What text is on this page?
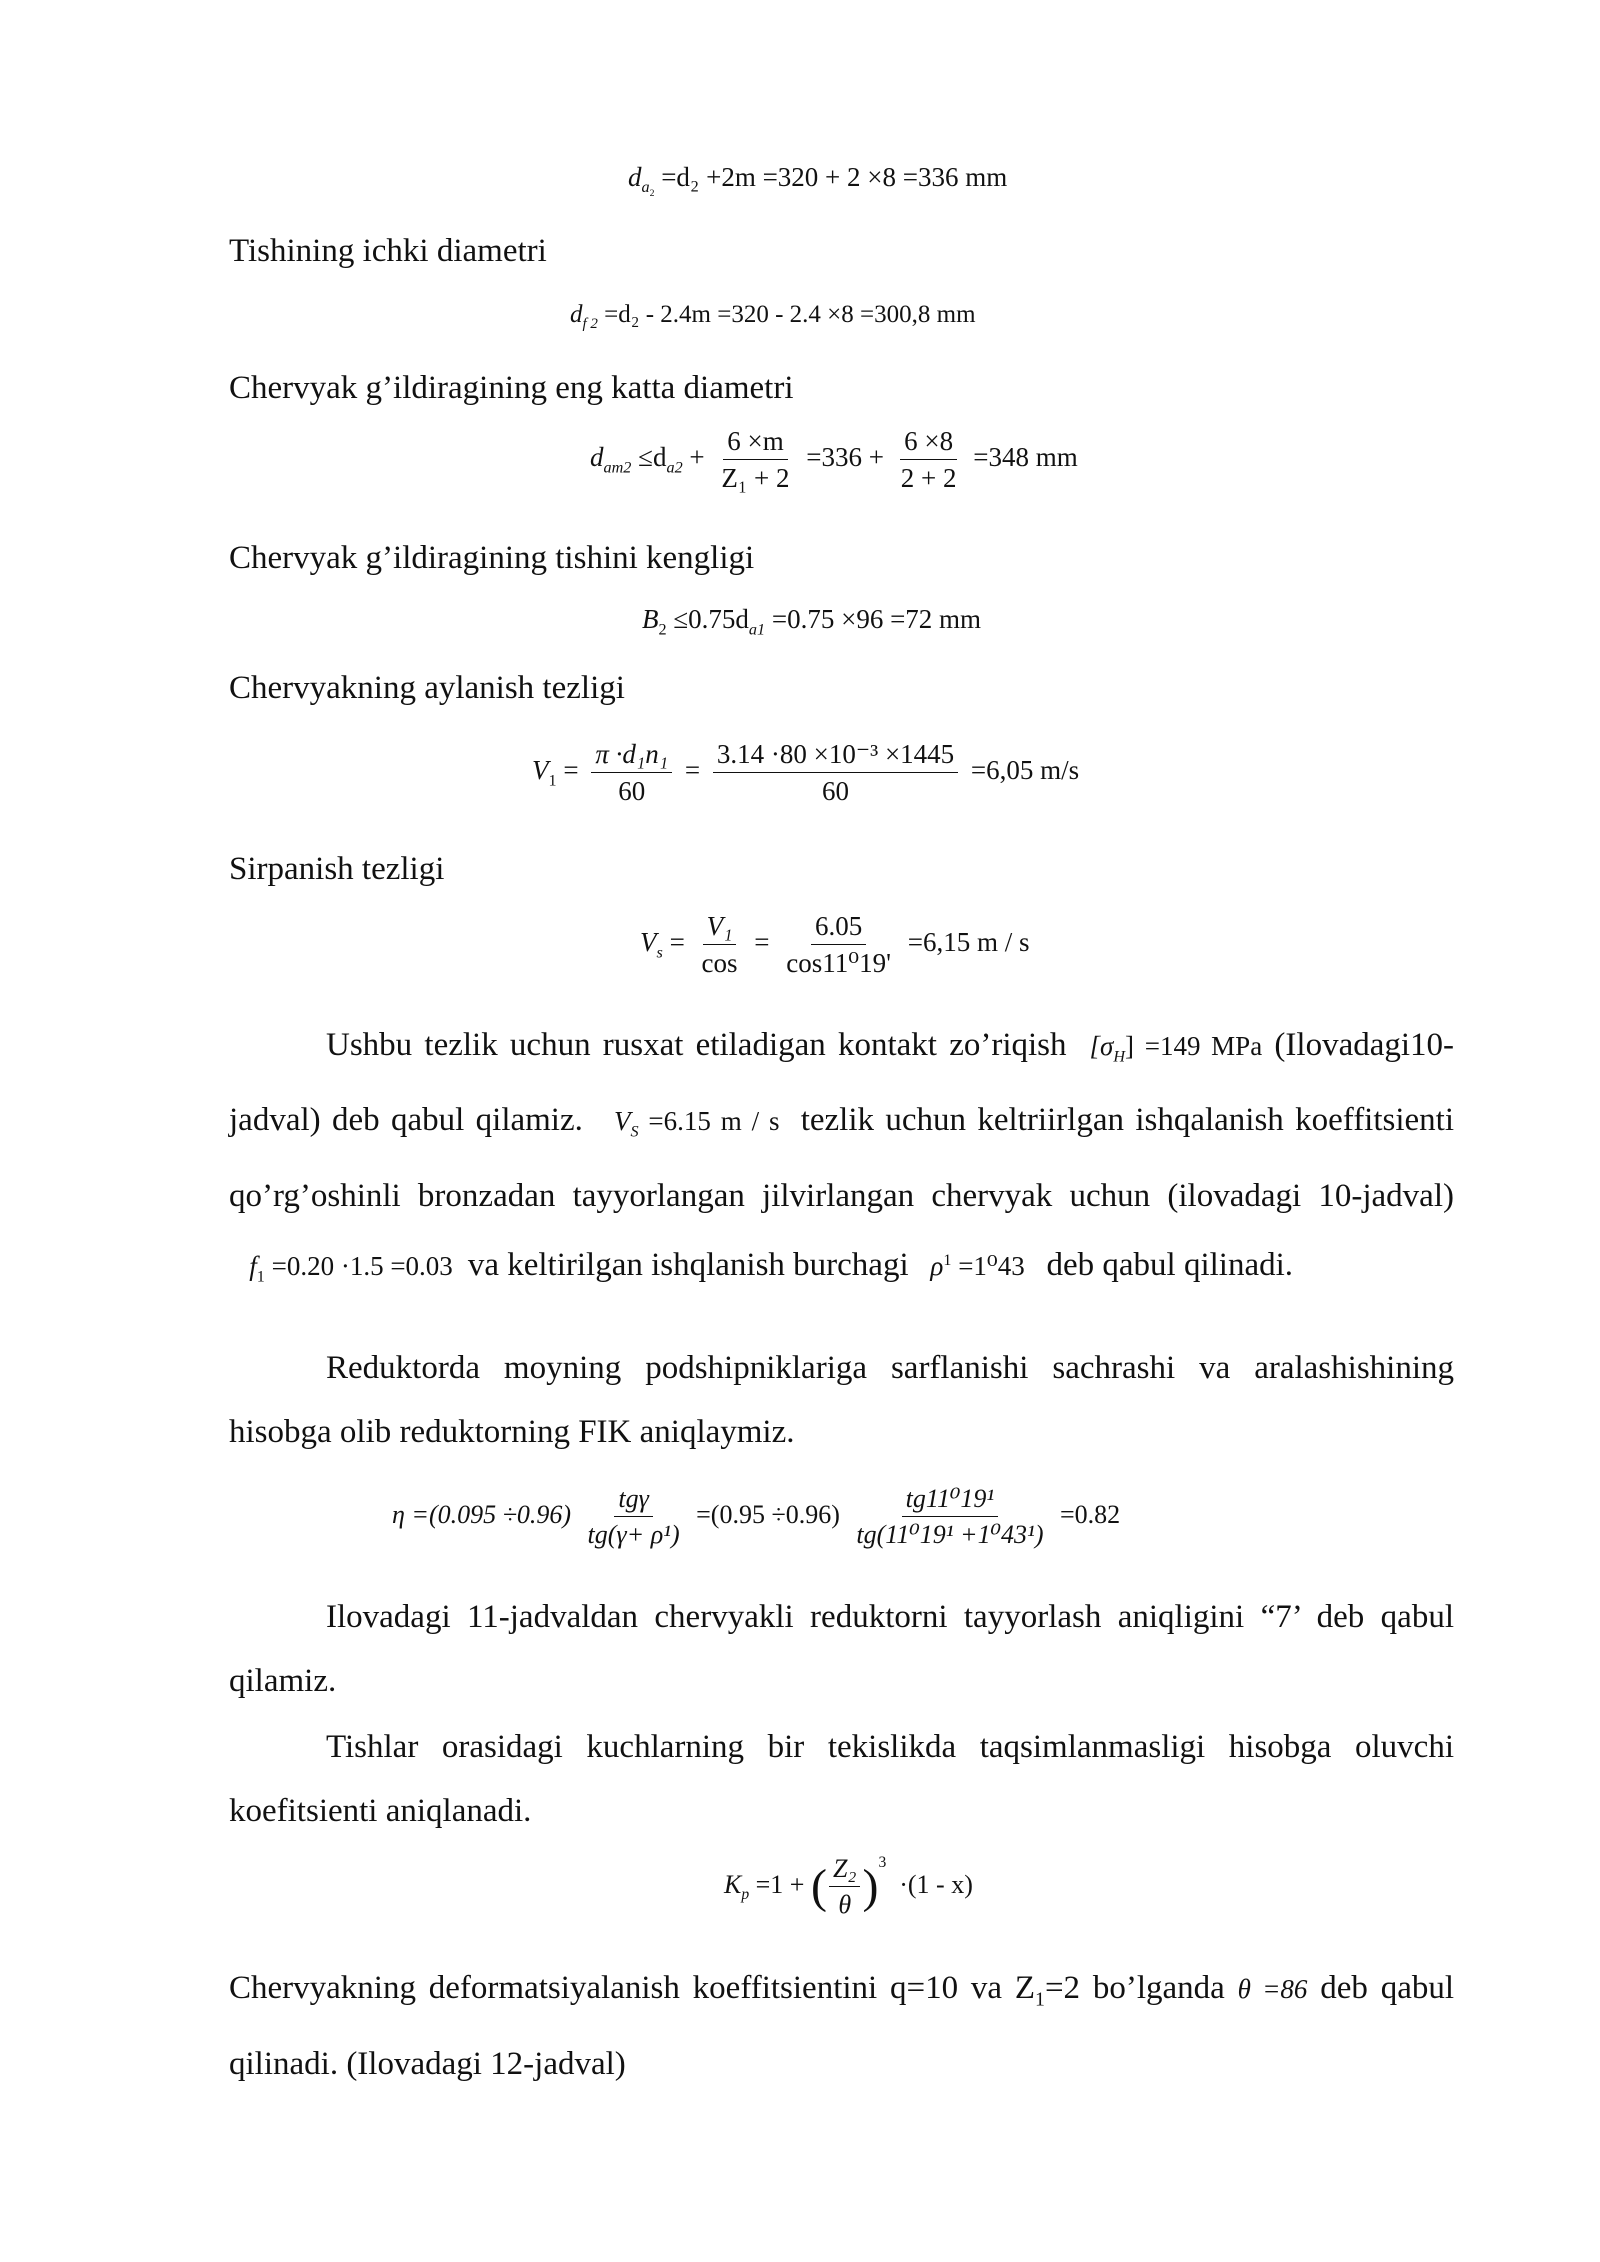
$d_{a_2} =d_2 +2m =320 + 2 \times 8 =336$ mm

Tishining ichki diametri

$d_{f 2} =d_2 - 2.4m =320 - 2.4 \times 8 =300,8$ mm

Chervyak g’ildiragining eng katta diametri

$d_{am2} \le d_{a2} + \frac{6 \times m}{\text{Z₁ + 2}} =336 + \frac{6 \times 8}{2 + 2} =348$ mm

Chervyak g’ildiragining tishini kengligi

$B_2 \le 0.75d_{a1} =0.75 \times 96 =72$ mm

Chervyakning aylanish tezligi

$V_1 = \frac{\text{π ·d₁n₁}}{60} = \frac{\text{3.14 ·80 ×10⁻³ ×1445}}{60} =6,05$ m/s

Sirpanish tezligi

$V_s = \frac{\text{V₁}}{\cos} = \frac{6.05}{\text{cos11⁰19'}} =6,15$ m / s

Ushbu tezlik uchun rusxat etiladigan kontakt zo’riqish $[\sigma_H] =149$ MPa (Ilovadagi10-jadval) deb qabul qilamiz. $V_S =6.15$ m / s tezlik uchun keltriirlgan ishqalanish koeffitsienti qo’rg’oshinli bronzadan tayyorlangan jilvirlangan chervyak uchun (ilovadagi 10-jadval)    $f_1 =0.20 \cdot 1.5 =0.03$ va keltirilgan ishqlanish burchagi $\rho^1 =1^043$ deb qabul qilinadi.

Reduktorda moyning podshipniklariga sarflanishi sachrashi va aralashishining hisobga olib reduktorning FIK aniqlaymiz.

η =(0.095 ÷0.96)
tgγ
tg(γ+ ρ¹)
$=(0.95 \div 0.96) \frac{\text{tg11⁰19¹}}{\text{tg(11⁰19¹ +1⁰43¹)}} =0.82$

Ilovadagi 11-jadvaldan chervyakli reduktorni tayyorlash aniqligini “7’ deb qabul qilamiz.

Tishlar orasidagi kuchlarning bir tekislikda taqsimlanmasligi hisobga oluvchi koefitsienti aniqlanadi.

$K_p =1$ + ( $\frac{\text{Z₂}}{\theta} )^3 \cdot(1 - x)$

Chervyakning deformatsiyalanish koeffitsientini q=10 va $Z_1=2$ bo’lganda θ =86 deb qabul qilinadi. (Ilovadagi 12-jadval)
